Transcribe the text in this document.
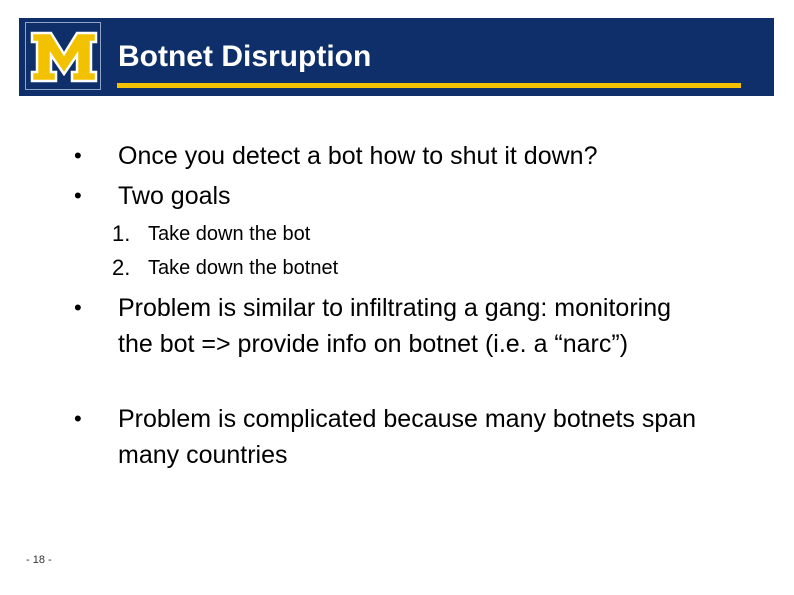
Botnet Disruption
• Once you detect a bot how to shut it down?

• Two goals

1. Take down the bot
2. Take down the botnet
• Problem is similar to infiltrating a gang: monitoring the bot => provide info on botnet (i.e. a “narc”)

• Problem is complicated because many botnets span many countries

- 18 -
